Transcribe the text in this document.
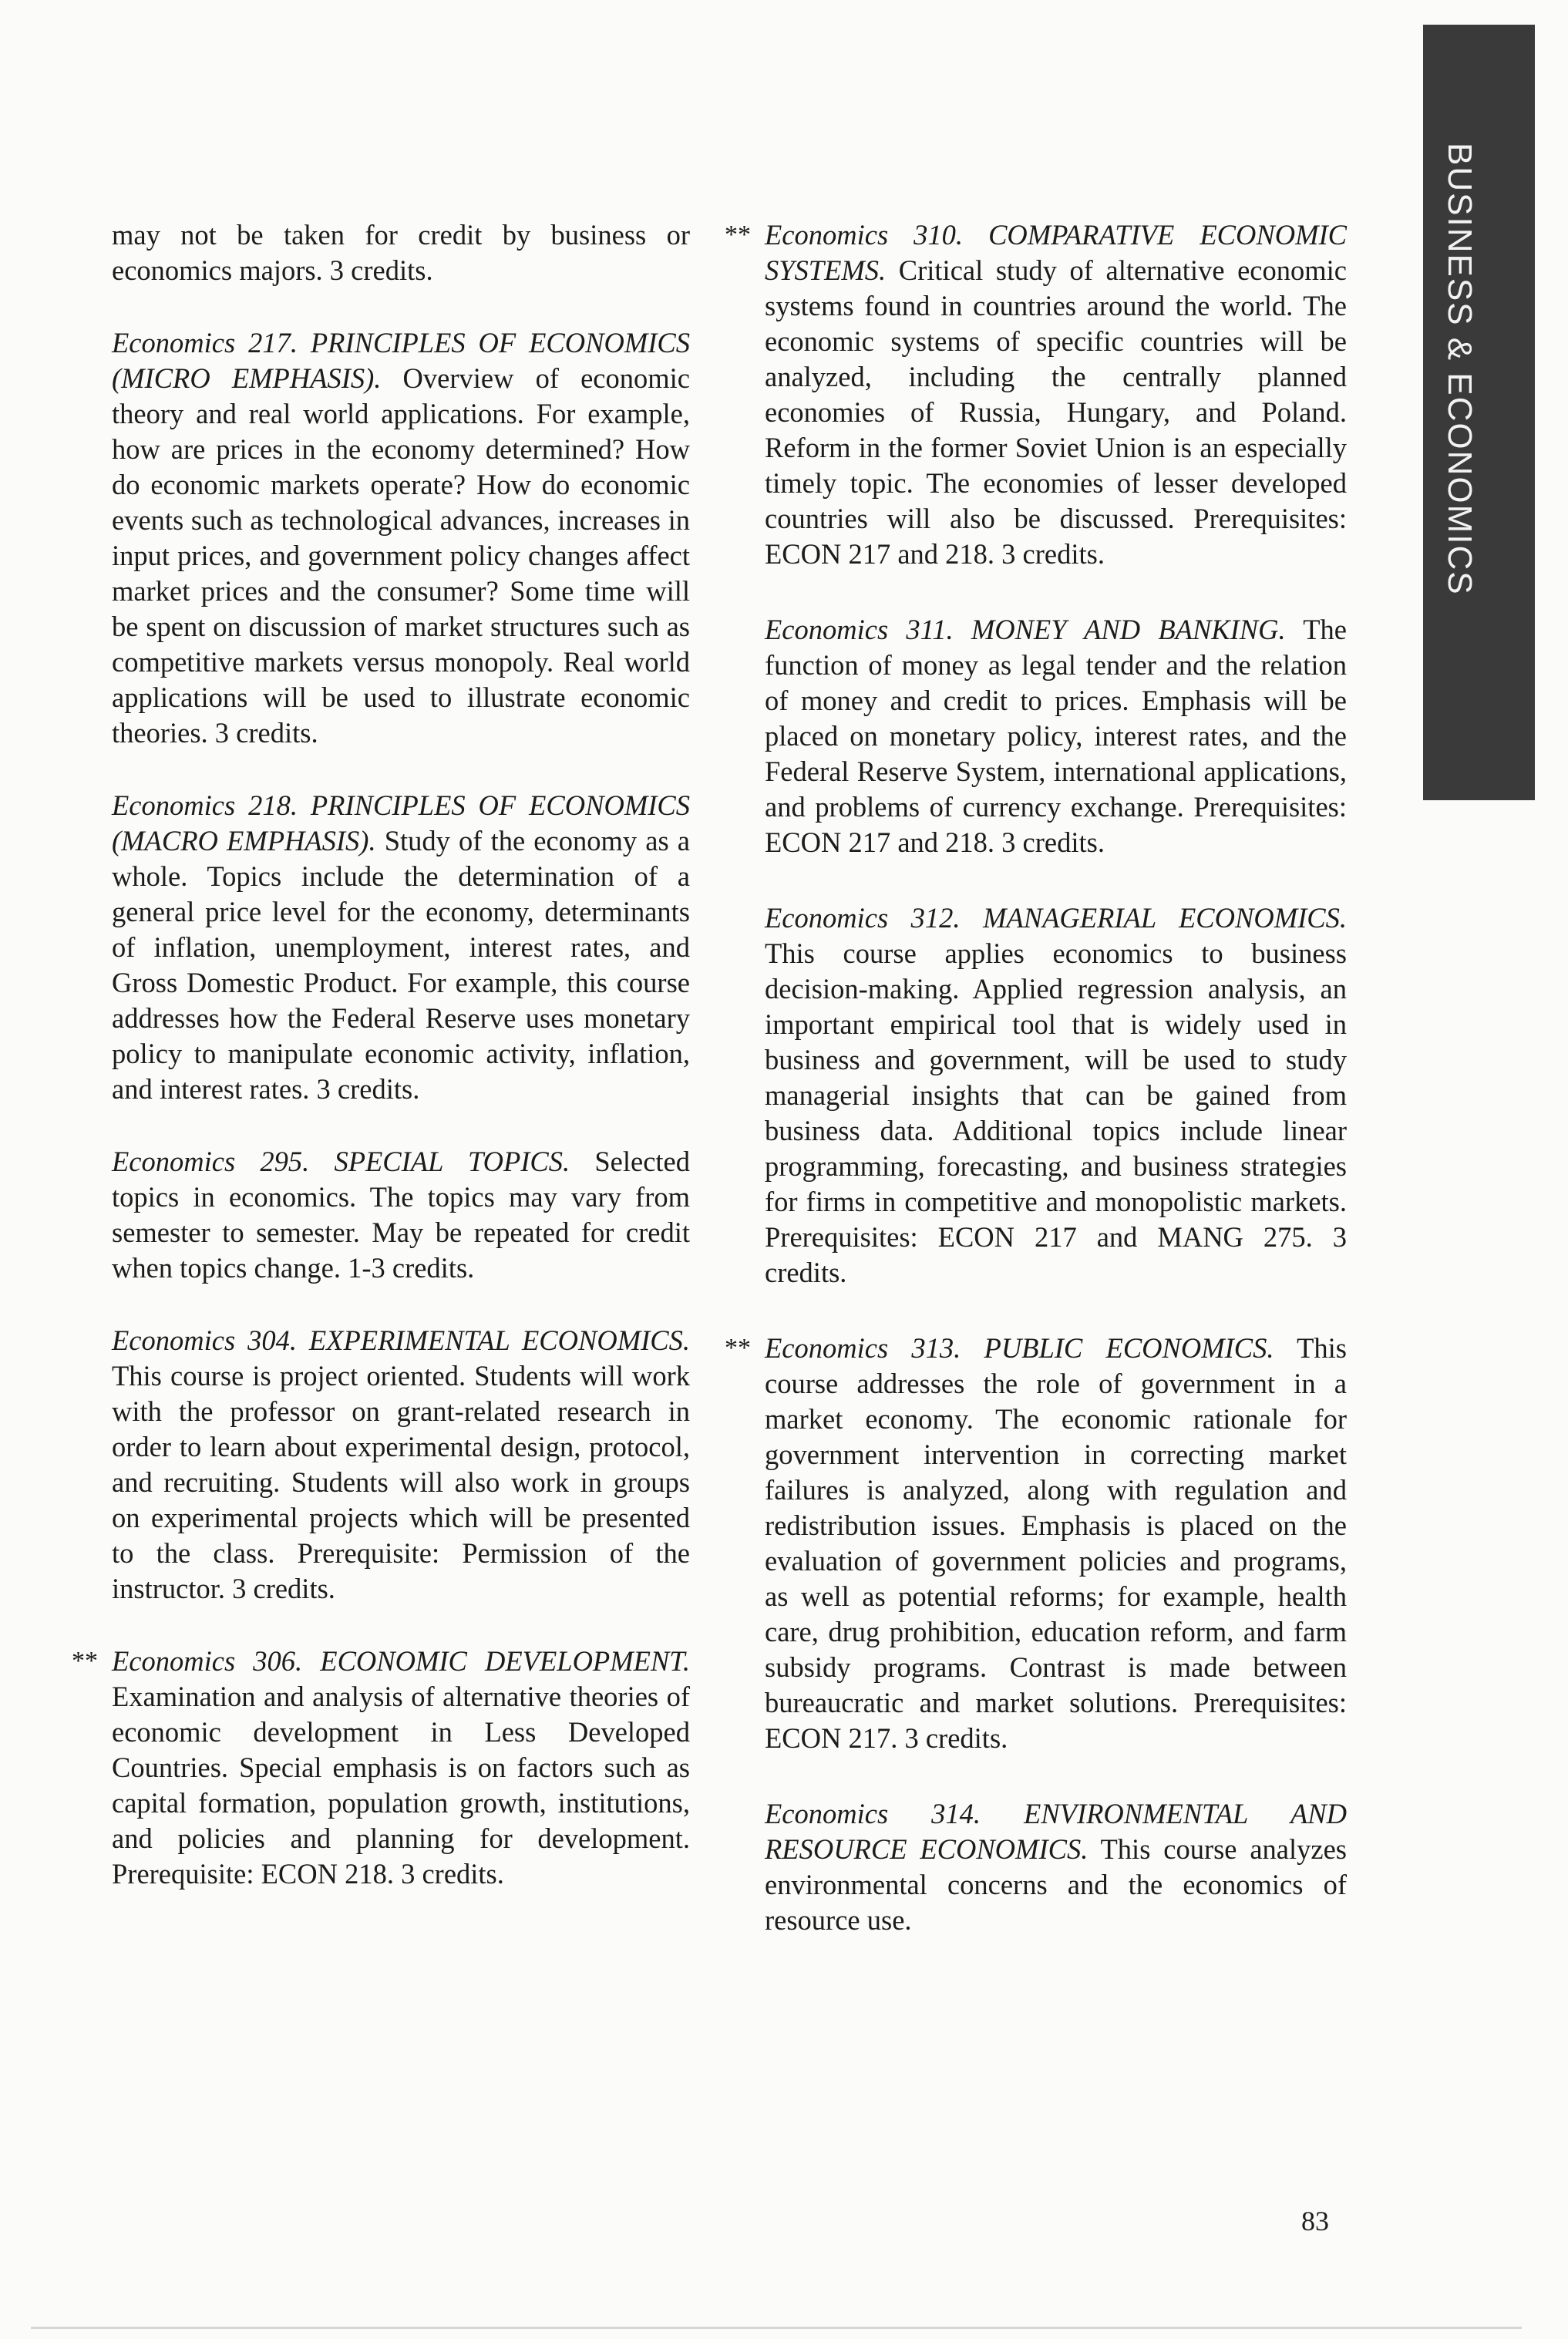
BUSINESS & ECONOMICS

may not be taken for credit by business or economics majors. 3 credits.

Economics 217. PRINCIPLES OF ECONOMICS (MICRO EMPHASIS). Overview of economic theory and real world applications. For example, how are prices in the economy determined? How do economic markets operate? How do economic events such as technological advances, increases in input prices, and government policy changes affect market prices and the consumer? Some time will be spent on discussion of market structures such as competitive markets versus monopoly. Real world applications will be used to illustrate economic theories. 3 credits.

Economics 218. PRINCIPLES OF ECONOMICS (MACRO EMPHASIS). Study of the economy as a whole. Topics include the determination of a general price level for the economy, determinants of inflation, unemployment, interest rates, and Gross Domestic Product. For example, this course addresses how the Federal Reserve uses monetary policy to manipulate economic activity, inflation, and interest rates. 3 credits.

Economics 295. SPECIAL TOPICS. Selected topics in economics. The topics may vary from semester to semester. May be repeated for credit when topics change. 1-3 credits.

Economics 304. EXPERIMENTAL ECONOMICS. This course is project oriented. Students will work with the professor on grant-related research in order to learn about experimental design, protocol, and recruiting. Students will also work in groups on experimental projects which will be presented to the class. Prerequisite: Permission of the instructor. 3 credits.

** Economics 306. ECONOMIC DEVELOPMENT. Examination and analysis of alternative theories of economic development in Less Developed Countries. Special emphasis is on factors such as capital formation, population growth, institutions, and policies and planning for development. Prerequisite: ECON 218. 3 credits.

** Economics 310. COMPARATIVE ECONOMIC SYSTEMS. Critical study of alternative economic systems found in countries around the world. The economic systems of specific countries will be analyzed, including the centrally planned economies of Russia, Hungary, and Poland. Reform in the former Soviet Union is an especially timely topic. The economies of lesser developed countries will also be discussed. Prerequisites: ECON 217 and 218. 3 credits.

Economics 311. MONEY AND BANKING. The function of money as legal tender and the relation of money and credit to prices. Emphasis will be placed on monetary policy, interest rates, and the Federal Reserve System, international applications, and problems of currency exchange. Prerequisites: ECON 217 and 218. 3 credits.

Economics 312. MANAGERIAL ECONOMICS. This course applies economics to business decision-making. Applied regression analysis, an important empirical tool that is widely used in business and government, will be used to study managerial insights that can be gained from business data. Additional topics include linear programming, forecasting, and business strategies for firms in competitive and monopolistic markets. Prerequisites: ECON 217 and MANG 275. 3 credits.

** Economics 313. PUBLIC ECONOMICS. This course addresses the role of government in a market economy. The economic rationale for government intervention in correcting market failures is analyzed, along with regulation and redistribution issues. Emphasis is placed on the evaluation of government policies and programs, as well as potential reforms; for example, health care, drug prohibition, education reform, and farm subsidy programs. Contrast is made between bureaucratic and market solutions. Prerequisites: ECON 217. 3 credits.

Economics 314. ENVIRONMENTAL AND RESOURCE ECONOMICS. This course analyzes environmental concerns and the economics of resource use.

83
